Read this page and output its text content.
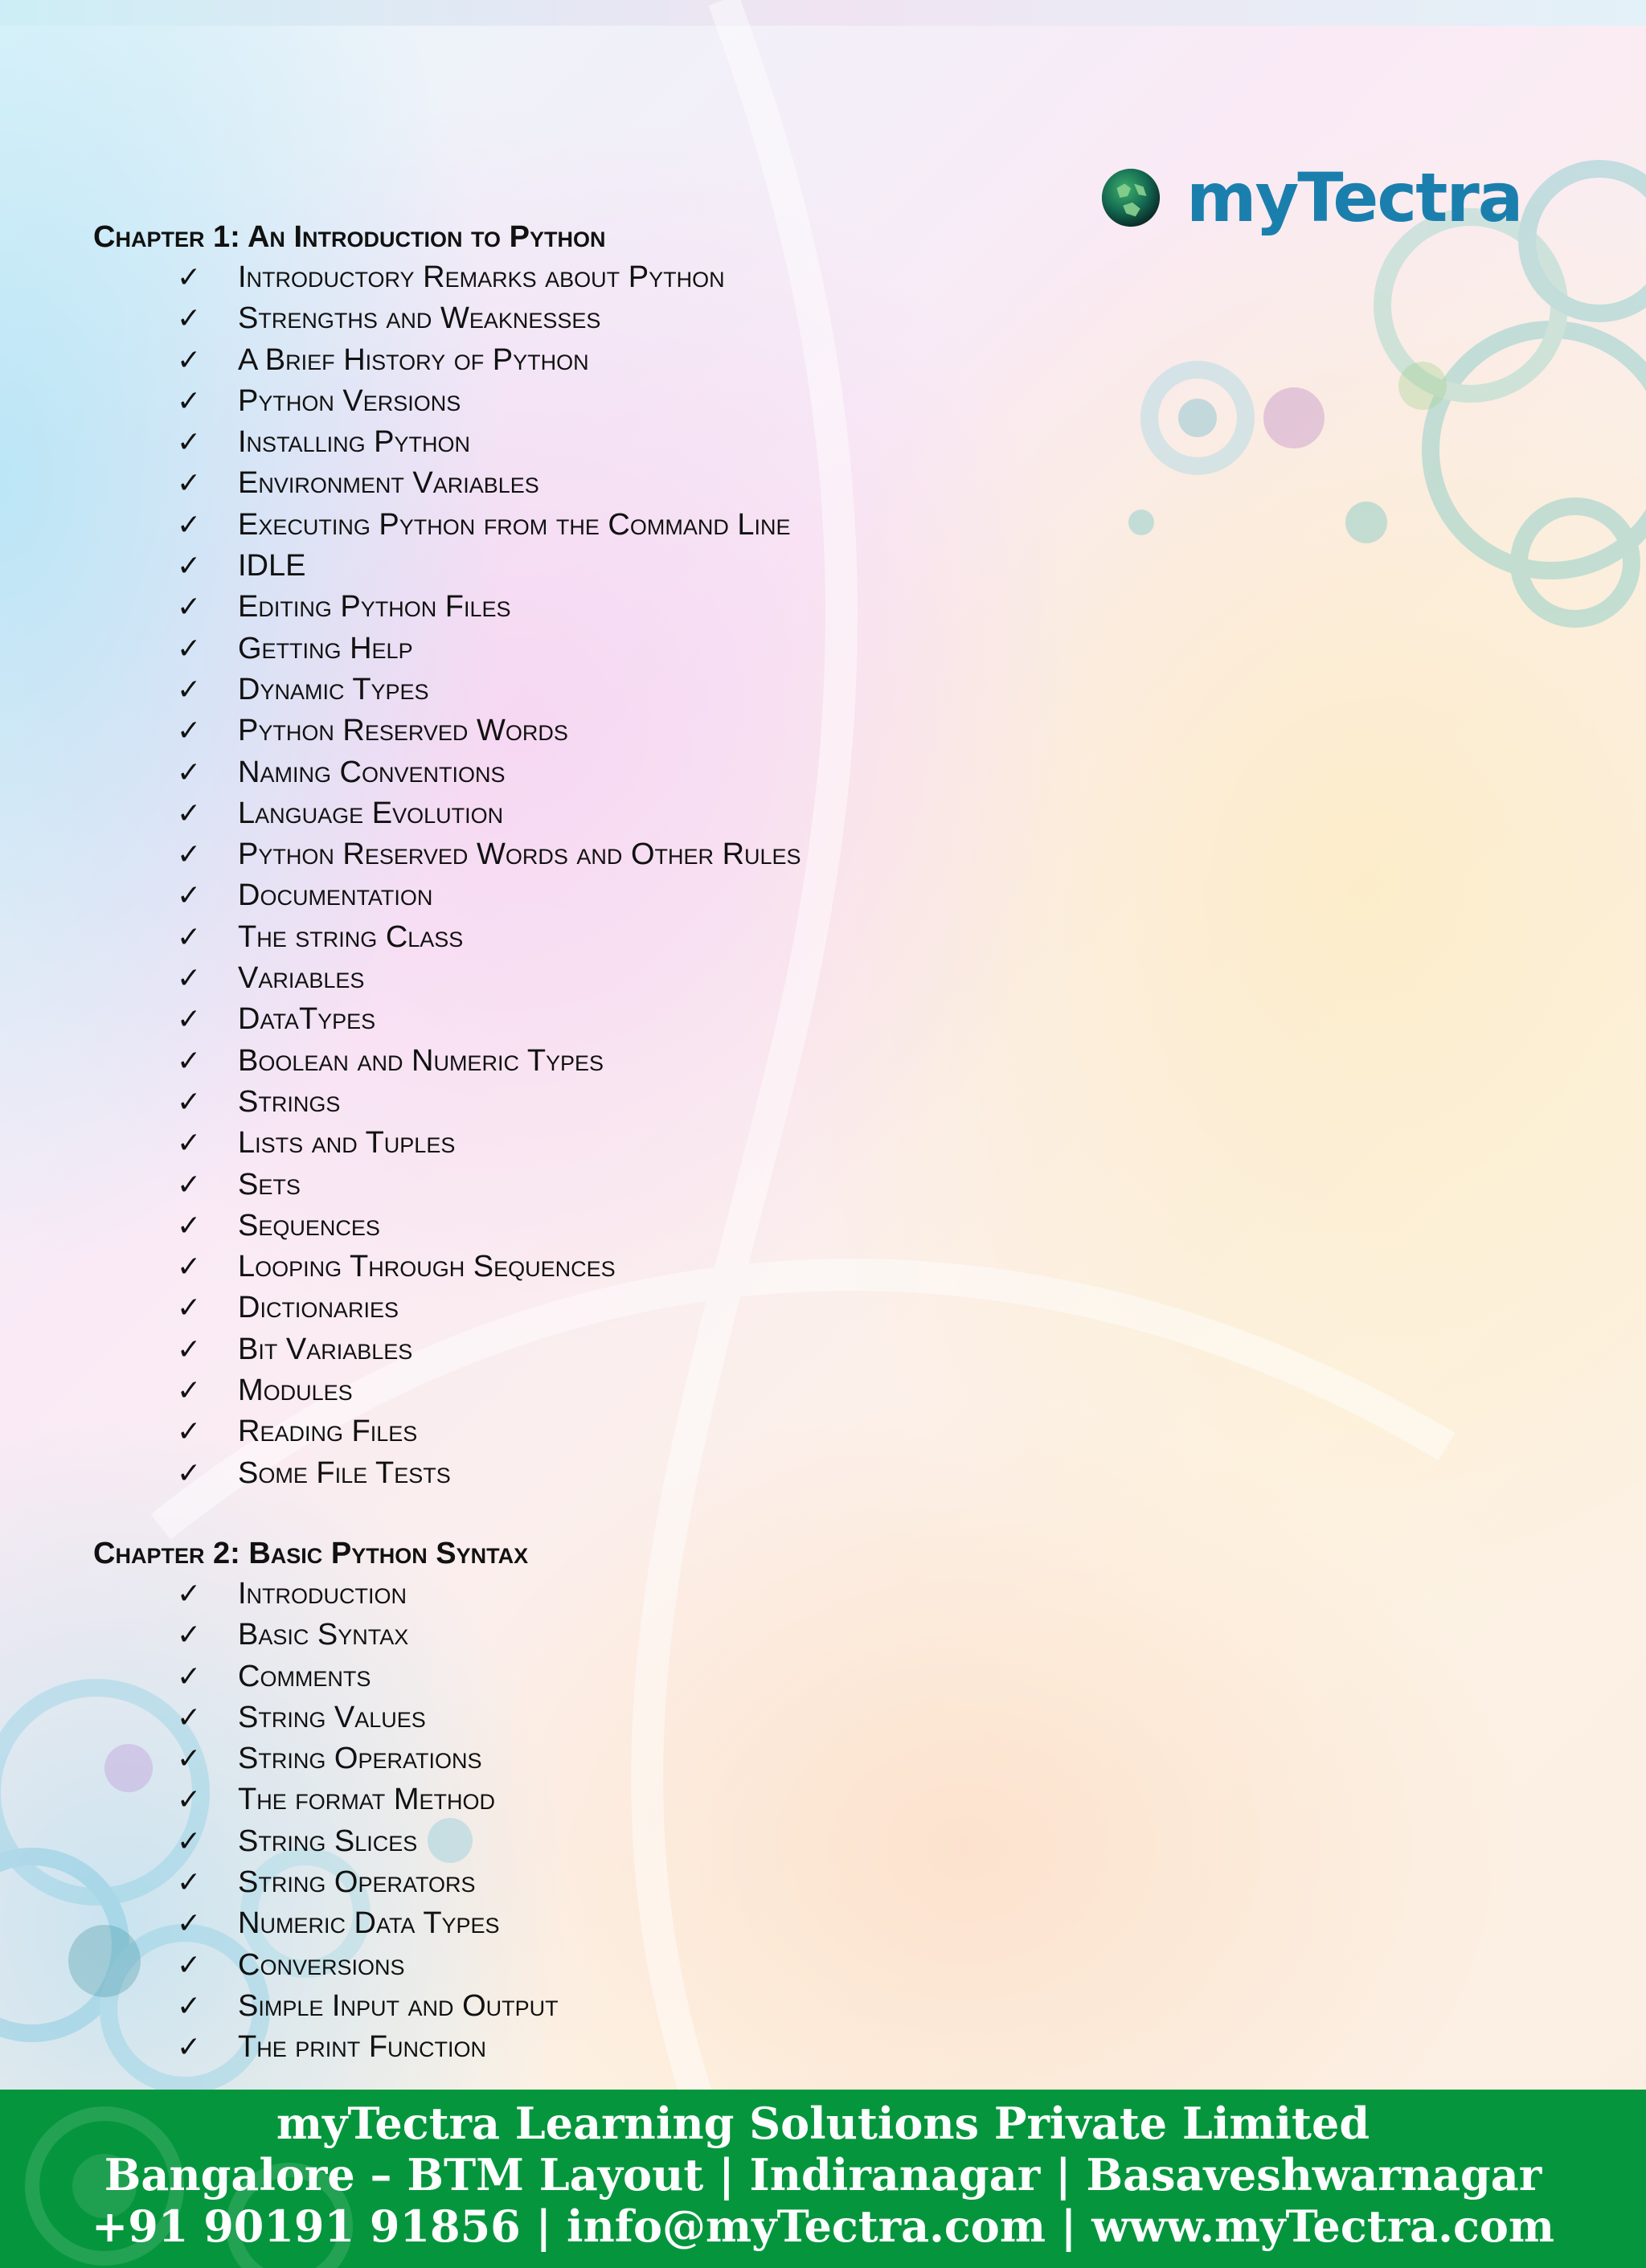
myTectra
Chapter 1: An Introduction to Python
✓ Introductory Remarks about Python
✓ Strengths and Weaknesses
✓ A Brief History of Python
✓ Python Versions
✓ Installing Python
✓ Environment Variables
✓ Executing Python from the Command Line
✓ IDLE
✓ Editing Python Files
✓ Getting Help
✓ Dynamic Types
✓ Python Reserved Words
✓ Naming Conventions
✓ Language Evolution
✓ Python Reserved Words and Other Rules
✓ Documentation
✓ The string Class
✓ Variables
✓ DataTypes
✓ Boolean and Numeric Types
✓ Strings
✓ Lists and Tuples
✓ Sets
✓ Sequences
✓ Looping Through Sequences
✓ Dictionaries
✓ Bit Variables
✓ Modules
✓ Reading Files
✓ Some File Tests
Chapter 2: Basic Python Syntax
✓ Introduction
✓ Basic Syntax
✓ Comments
✓ String Values
✓ String Operations
✓ The format Method
✓ String Slices
✓ String Operators
✓ Numeric Data Types
✓ Conversions
✓ Simple Input and Output
✓ The print Function
myTectra Learning Solutions Private Limited
Bangalore – BTM Layout | Indiranagar | Basaveshwarnagar
+91 90191 91856 | info@myTectra.com | www.myTectra.com
